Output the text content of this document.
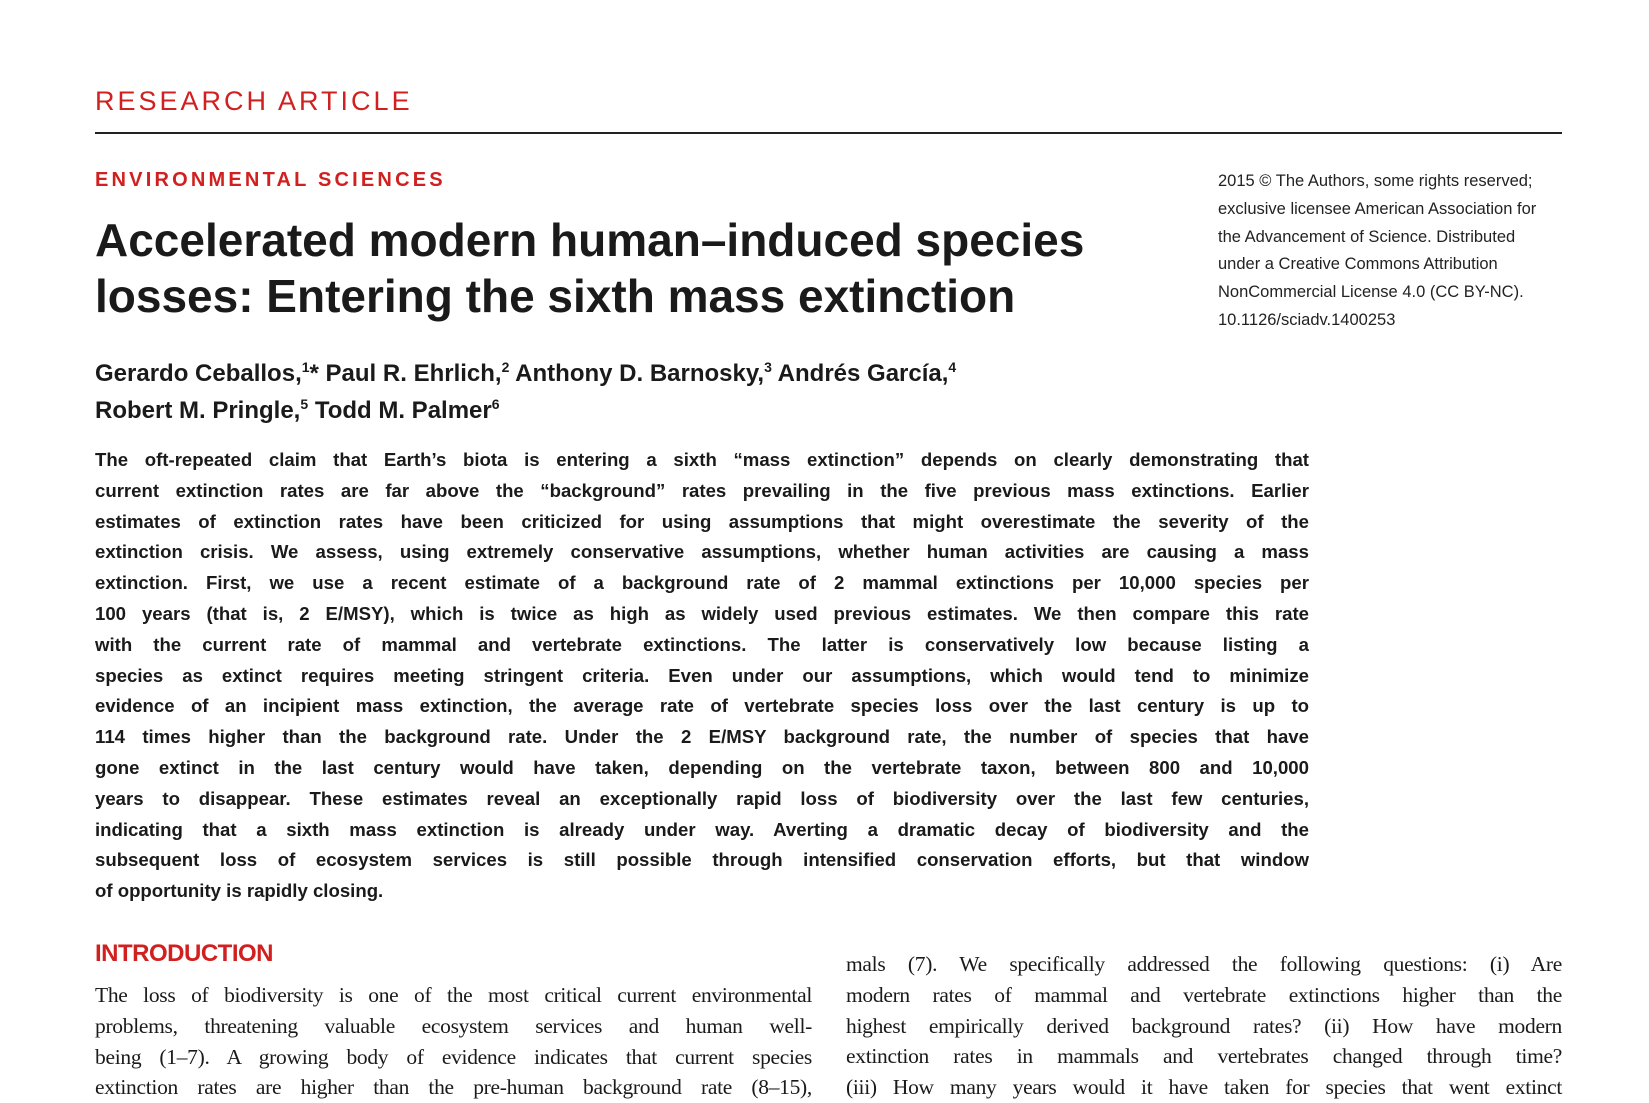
RESEARCH ARTICLE
ENVIRONMENTAL SCIENCES
Accelerated modern human–induced species
losses: Entering the sixth mass extinction
Gerardo Ceballos,$^1$* Paul R. Ehrlich,$^2$ Anthony D. Barnosky,$^3$ Andrés García,$^4$
Robert M. Pringle,$^5$ Todd M. Palmer$^6$
2015 © The Authors, some rights reserved;
exclusive licensee American Association for
the Advancement of Science. Distributed
under a Creative Commons Attribution
NonCommercial License 4.0 (CC BY-NC).
10.1126/sciadv.1400253
The oft-repeated claim that Earth’s biota is entering a sixth “mass extinction” depends on clearly demonstrating that
current extinction rates are far above the “background” rates prevailing in the five previous mass extinctions. Earlier
estimates of extinction rates have been criticized for using assumptions that might overestimate the severity of the
extinction crisis. We assess, using extremely conservative assumptions, whether human activities are causing a mass
extinction. First, we use a recent estimate of a background rate of 2 mammal extinctions per 10,000 species per
100 years (that is, 2 E/MSY), which is twice as high as widely used previous estimates. We then compare this rate
with the current rate of mammal and vertebrate extinctions. The latter is conservatively low because listing a
species as extinct requires meeting stringent criteria. Even under our assumptions, which would tend to minimize
evidence of an incipient mass extinction, the average rate of vertebrate species loss over the last century is up to
114 times higher than the background rate. Under the 2 E/MSY background rate, the number of species that have
gone extinct in the last century would have taken, depending on the vertebrate taxon, between 800 and 10,000
years to disappear. These estimates reveal an exceptionally rapid loss of biodiversity over the last few centuries,
indicating that a sixth mass extinction is already under way. Averting a dramatic decay of biodiversity and the
subsequent loss of ecosystem services is still possible through intensified conservation efforts, but that window
of opportunity is rapidly closing.
INTRODUCTION
The loss of biodiversity is one of the most critical current environmental
problems, threatening valuable ecosystem services and human well-
being (1–7). A growing body of evidence indicates that current species
extinction rates are higher than the pre-human background rate (8–15),
mals (7). We specifically addressed the following questions: (i) Are
modern rates of mammal and vertebrate extinctions higher than the
highest empirically derived background rates? (ii) How have modern
extinction rates in mammals and vertebrates changed through time?
(iii) How many years would it have taken for species that went extinct
